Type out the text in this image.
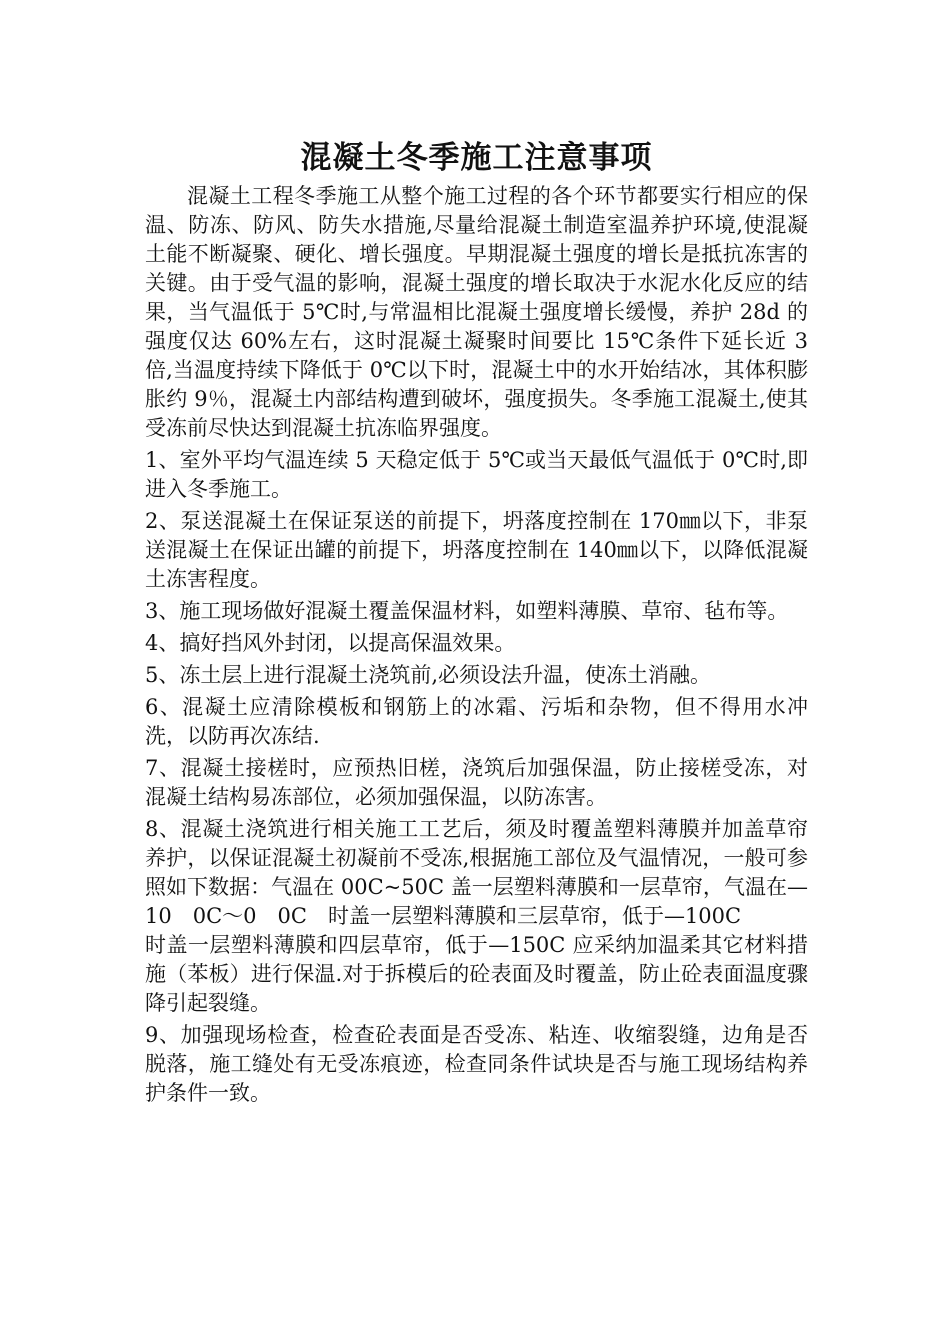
混凝土冬季施工注意事项

混凝土工程冬季施工从整个施工过程的各个环节都要实行相应的保温、防冻、防风、防失水措施,尽量给混凝土制造室温养护环境,使混凝土能不断凝聚、硬化、增长强度。早期混凝土强度的增长是抵抗冻害的关键。由于受气温的影响，混凝土强度的增长取决于水泥水化反应的结果，当气温低于 5℃时,与常温相比混凝土强度增长缓慢，养护 28d 的强度仅达 60%左右，这时混凝土凝聚时间要比 15℃条件下延长近 3 倍,当温度持续下降低于 0℃以下时，混凝土中的水开始结冰，其体积膨胀约 9％，混凝土内部结构遭到破坏，强度损失。冬季施工混凝土,使其受冻前尽快达到混凝土抗冻临界强度。

1、室外平均气温连续 5 天稳定低于 5℃或当天最低气温低于 0℃时,即进入冬季施工。

2、泵送混凝土在保证泵送的前提下，坍落度控制在 170㎜以下，非泵送混凝土在保证出罐的前提下，坍落度控制在 140㎜以下，以降低混凝土冻害程度。

3、施工现场做好混凝土覆盖保温材料，如塑料薄膜、草帘、毡布等。

4、搞好挡风外封闭，以提高保温效果。

5、冻土层上进行混凝土浇筑前,必须设法升温，使冻土消融。

6、混凝土应清除模板和钢筋上的冰霜、污垢和杂物，但不得用水冲洗，以防再次冻结.

7、混凝土接槎时，应预热旧槎，浇筑后加强保温，防止接槎受冻，对混凝土结构易冻部位，必须加强保温，以防冻害。

8、混凝土浇筑进行相关施工工艺后，须及时覆盖塑料薄膜并加盖草帘养护，以保证混凝土初凝前不受冻,根据施工部位及气温情况，一般可参照如下数据：气温在 00C~50C 盖一层塑料薄膜和一层草帘，气温在—10　0C～0　0C　时盖一层塑料薄膜和三层草帘，低于—100C

时盖一层塑料薄膜和四层草帘，低于—150C 应采纳加温柔其它材料措施（苯板）进行保温.对于拆模后的砼表面及时覆盖，防止砼表面温度骤降引起裂缝。

9、加强现场检查，检查砼表面是否受冻、粘连、收缩裂缝，边角是否脱落，施工缝处有无受冻痕迹，检查同条件试块是否与施工现场结构养护条件一致。
